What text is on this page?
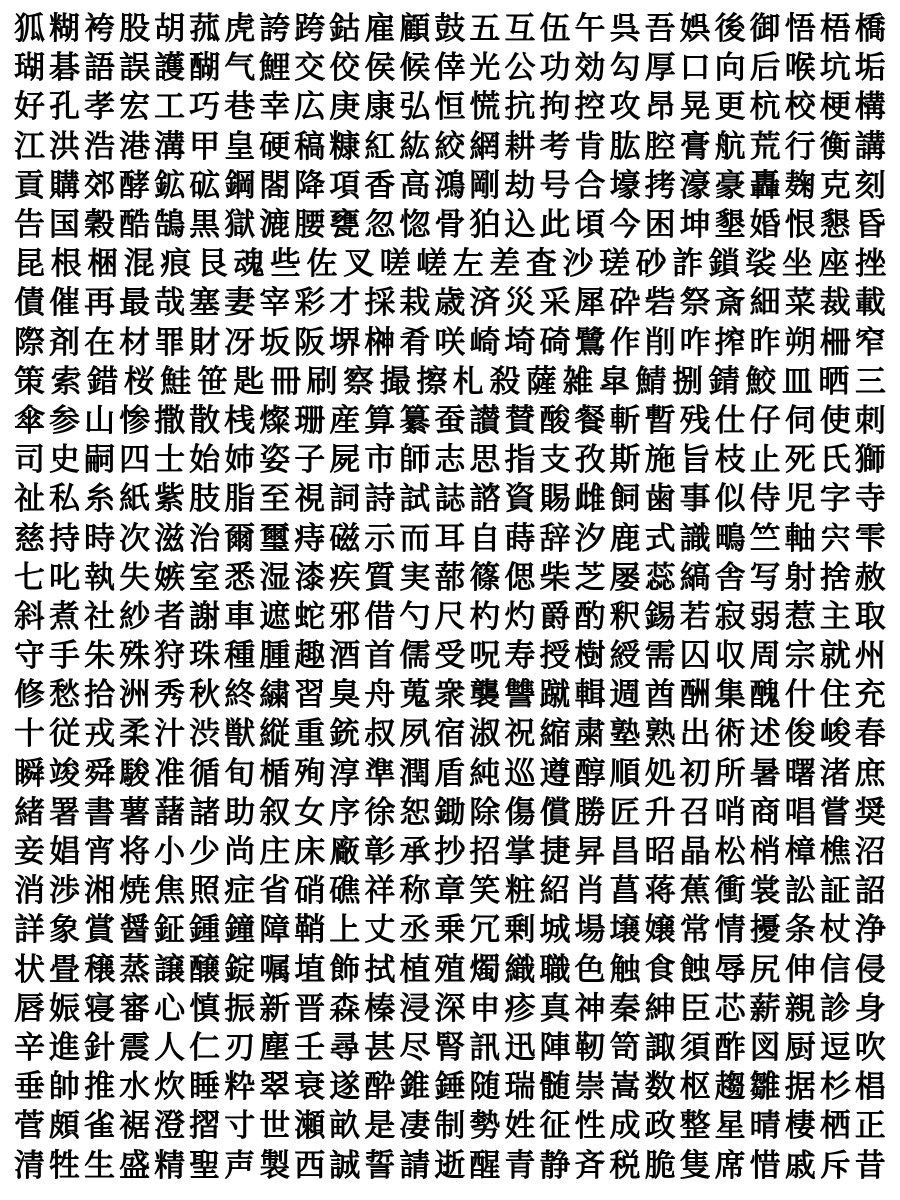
狐 糊 袴 股 胡 菰 虎 誇 跨 鈷 雇 顧 鼓 五 互 伍 午 呉 吾 娯 後 御 悟 梧 橋
瑚 碁 語 誤 護 醐 气 鯉 交 佼 侯 候 倖 光 公 功 効 勾 厚 口 向 后 喉 坑 垢
好 孔 孝 宏 工 巧 巷 幸 広 庚 康 弘 恒 慌 抗 拘 控 攻 昂 晃 更 杭 校 梗 構
江 洪 浩 港 溝 甲 皇 硬 稿 糠 紅 紘 絞 網 耕 考 肯 肱 腔 膏 航 荒 行 衡 講
貢 購 郊 酵 鉱 砿 鋼 閤 降 項 香 高 鴻 剛 劫 号 合 壕 拷 濠 豪 轟 麹 克 刻
告 国 穀 酷 鵠 黒 獄 漉 腰 甕 忽 惚 骨 狛 込 此 頃 今 困 坤 墾 婚 恨 懇 昏
昆 根 梱 混 痕 艮 魂 些 佐 叉 嗟 嵯 左 差 査 沙 瑳 砂 詐 鎖 裟 坐 座 挫
債 催 再 最 哉 塞 妻 宰 彩 才 採 栽 歳 済 災 采 犀 砕 砦 祭 斎 細 菜 裁 載
際 剤 在 材 罪 財 冴 坂 阪 堺 榊 肴 咲 崎 埼 碕 鷺 作 削 咋 搾 昨 朔 柵 窄
策 索 錯 桜 鮭 笹 匙 冊 刷 察 撮 擦 札 殺 薩 雑 皐 鯖 捌 錆 鮫 皿 晒 三
傘 参 山 惨 撒 散 桟 燦 珊 産 算 纂 蚕 讃 賛 酸 餐 斬 暫 残 仕 仔 伺 使 刺
司 史 嗣 四 士 始 姉 姿 子 屍 市 師 志 思 指 支 孜 斯 施 旨 枝 止 死 氏 獅
祉 私 糸 紙 紫 肢 脂 至 視 詞 詩 試 誌 諮 資 賜 雌 飼 歯 事 似 侍 児 字 寺
慈 持 時 次 滋 治 爾 璽 痔 磁 示 而 耳 自 蒔 辞 汐 鹿 式 識 鴫 竺 軸 宍 雫
七 叱 執 失 嫉 室 悉 湿 漆 疾 質 実 蔀 篠 偲 柴 芝 屡 蕊 縞 舎 写 射 捨 赦
斜 煮 社 紗 者 謝 車 遮 蛇 邪 借 勺 尺 杓 灼 爵 酌 釈 錫 若 寂 弱 惹 主 取
守 手 朱 殊 狩 珠 種 腫 趣 酒 首 儒 受 呪 寿 授 樹 綬 需 囚 収 周 宗 就 州
修 愁 拾 洲 秀 秋 終 繍 習 臭 舟 蒐 衆 襲 讐 蹴 輯 週 酋 酬 集 醜 什 住 充
十 従 戎 柔 汁 渋 獣 縦 重 銃 叔 夙 宿 淑 祝 縮 粛 塾 熟 出 術 述 俊 峻 春
瞬 竣 舜 駿 准 循 旬 楯 殉 淳 準 潤 盾 純 巡 遵 醇 順 処 初 所 暑 曙 渚 庶
緒 署 書 薯 藷 諸 助 叙 女 序 徐 恕 鋤 除 傷 償 勝 匠 升 召 哨 商 唱 嘗 奨
妾 娼 宵 将 小 少 尚 庄 床 廠 彰 承 抄 招 掌 捷 昇 昌 昭 晶 松 梢 樟 樵 沼
消 渉 湘 焼 焦 照 症 省 硝 礁 祥 称 章 笑 粧 紹 肖 菖 蒋 蕉 衝 裳 訟 証 詔
詳 象 賞 醤 鉦 鍾 鐘 障 鞘 上 丈 丞 乗 冗 剰 城 場 壌 嬢 常 情 擾 条 杖 浄
状 畳 穣 蒸 譲 醸 錠 嘱 埴 飾 拭 植 殖 燭 織 職 色 触 食 蝕 辱 尻 伸 信 侵
唇 娠 寝 審 心 慎 振 新 晋 森 榛 浸 深 申 疹 真 神 秦 紳 臣 芯 薪 親 診 身
辛 進 針 震 人 仁 刃 塵 壬 尋 甚 尽 腎 訊 迅 陣 靭 笥 諏 須 酢 図 厨 逗 吹
垂 帥 推 水 炊 睡 粋 翠 衰 遂 酔 錐 錘 随 瑞 髄 崇 嵩 数 枢 趨 雛 据 杉 椙
菅 頗 雀 裾 澄 摺 寸 世 瀬 畝 是 凄 制 勢 姓 征 性 成 政 整 星 晴 棲 栖 正
清 牲 生 盛 精 聖 声 製 西 誠 誓 請 逝 醒 青 静 斉 税 脆 隻 席 惜 戚 斥 昔
